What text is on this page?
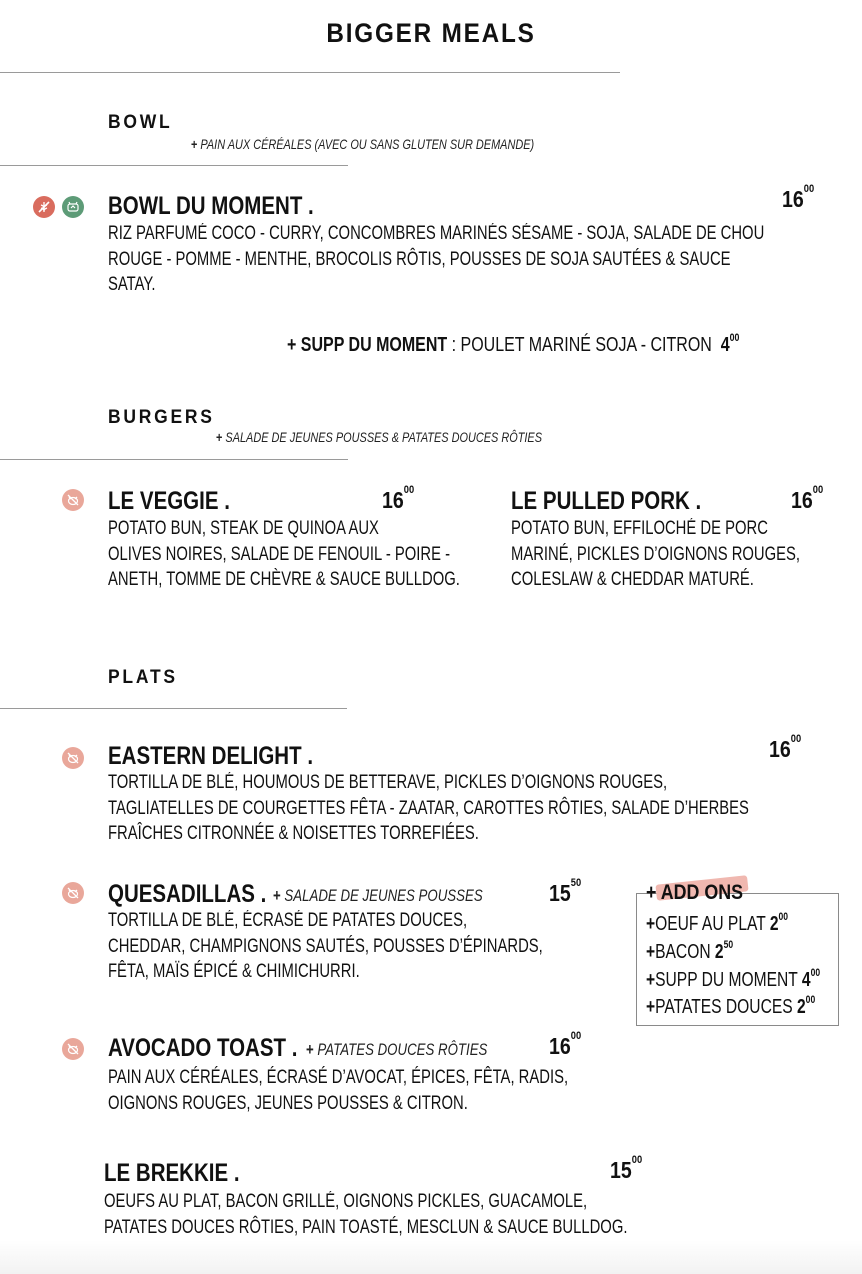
BIGGER MEALS
BOWL
+ PAIN AUX CÉRÉALES (AVEC OU SANS GLUTEN SUR DEMANDE)
BOWL DU MOMENT .	$16^{00}$
RIZ PARFUMÉ COCO - CURRY, CONCOMBRES MARINÉS SÉSAME - SOJA, SALADE DE CHOU
ROUGE - POMME - MENTHE, BROCOLIS RÔTIS, POUSSES DE SOJA SAUTÉES & SAUCE
SATAY.
+ SUPP DU MOMENT : POULET MARINÉ SOJA - CITRON $4^{00}$
BURGERS
+ SALADE DE JEUNES POUSSES & PATATES DOUCES RÔTIES
LE VEGGIE .	$16^{00}$
POTATO BUN, STEAK DE QUINOA AUX
OLIVES NOIRES, SALADE DE FENOUIL - POIRE -
ANETH, TOMME DE CHÈVRE & SAUCE BULLDOG.
LE PULLED PORK .	$16^{00}$
POTATO BUN, EFFILOCHÉ DE PORC
MARINÉ, PICKLES D’OIGNONS ROUGES,
COLESLAW & CHEDDAR MATURÉ.
PLATS
EASTERN DELIGHT .	$16^{00}$
TORTILLA DE BLÉ, HOUMOUS DE BETTERAVE, PICKLES D’OIGNONS ROUGES,
TAGLIATELLES DE COURGETTES FÊTA - ZAATAR, CAROTTES RÔTIES, SALADE D’HERBES
FRAÎCHES CITRONNÉE & NOISETTES TORREFIÉES.
QUESADILLAS . + SALADE DE JEUNES POUSSES	$15^{50}$
TORTILLA DE BLÉ, ÉCRASÉ DE PATATES DOUCES,
CHEDDAR, CHAMPIGNONS SAUTÉS, POUSSES D’ÉPINARDS,
FÊTA, MAÏS ÉPICÉ & CHIMICHURRI.
AVOCADO TOAST . + PATATES DOUCES RÔTIES	$16^{00}$
PAIN AUX CÉRÉALES, ÉCRASÉ D’AVOCAT, ÉPICES, FÊTA, RADIS,
OIGNONS ROUGES, JEUNES POUSSES & CITRON.
LE BREKKIE .	$15^{00}$
OEUFS AU PLAT, BACON GRILLÉ, OIGNONS PICKLES, GUACAMOLE,
PATATES DOUCES RÔTIES, PAIN TOASTÉ, MESCLUN & SAUCE BULLDOG.
+ ADD ONS
+OEUF AU PLAT $2^{00}$
+BACON $2^{50}$
+SUPP DU MOMENT $4^{00}$
+PATATES DOUCES $2^{00}$
